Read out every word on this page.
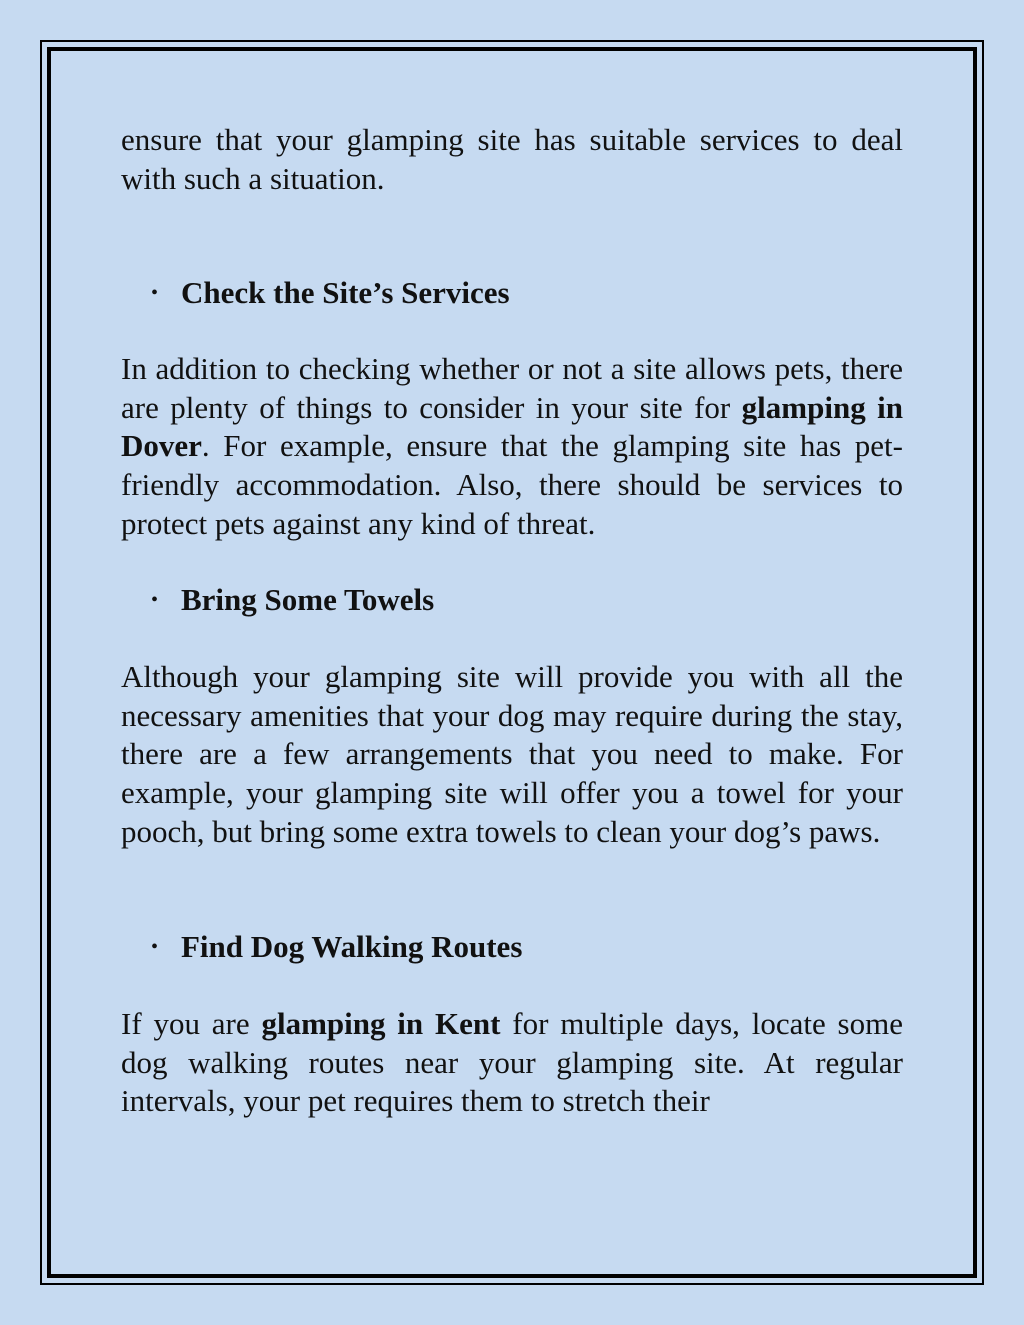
ensure that your glamping site has suitable services to deal with such a situation.

• Check the Site’s Services

In addition to checking whether or not a site allows pets, there are plenty of things to consider in your site for glamping in Dover. For example, ensure that the glamping site has pet-friendly accommodation. Also, there should be services to protect pets against any kind of threat.

• Bring Some Towels

Although your glamping site will provide you with all the necessary amenities that your dog may require during the stay, there are a few arrangements that you need to make. For example, your glamping site will offer you a towel for your pooch, but bring some extra towels to clean your dog’s paws.

• Find Dog Walking Routes

If you are glamping in Kent for multiple days, locate some dog walking routes near your glamping site. At regular intervals, your pet requires them to stretch their
